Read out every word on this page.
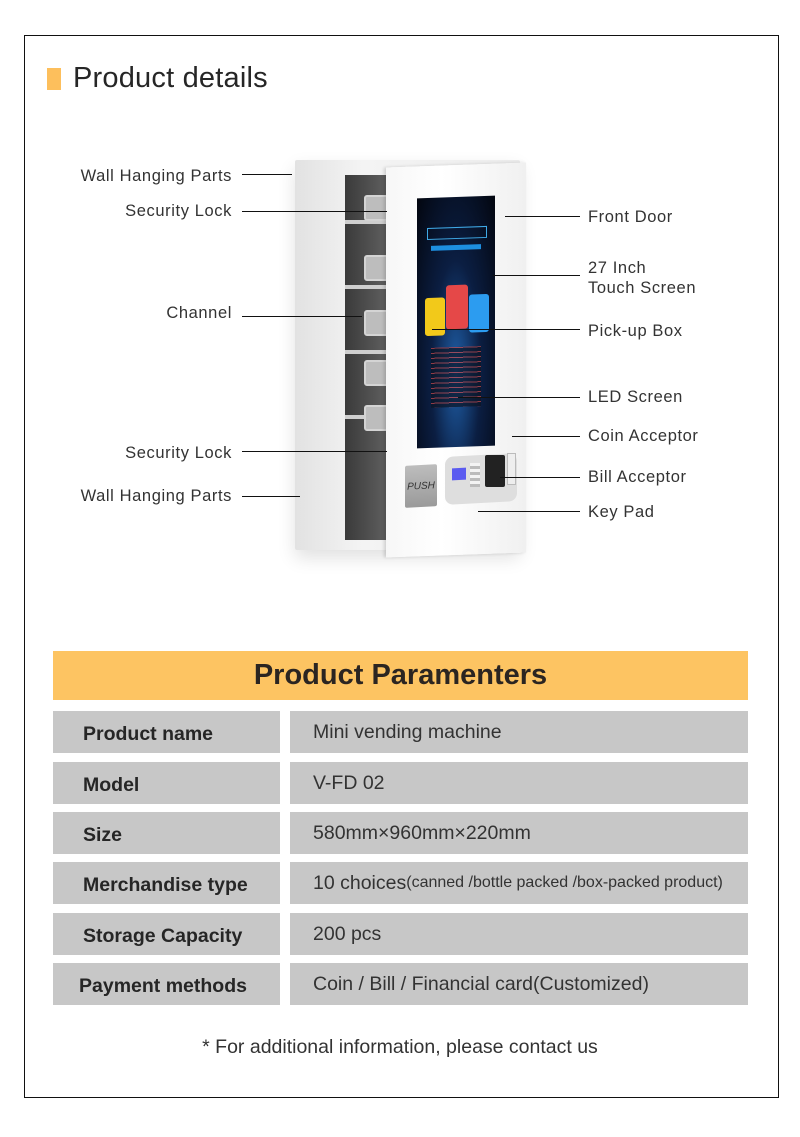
Product details
PUSH
Wall Hanging Parts
Security Lock
Channel
Security Lock
Wall Hanging Parts
Front Door
27 Inch
Touch Screen
Pick-up Box
LED Screen
Coin Acceptor
Bill Acceptor
Key Pad
Product Paramenters
Product name	Mini vending machine
Model	V-FD 02
Size	580mm×960mm×220mm
Merchandise type	10 choices (canned /bottle packed /box-packed product)
Storage Capacity	200 pcs
Payment methods	Coin / Bill / Financial card(Customized)
* For additional information, please contact us
